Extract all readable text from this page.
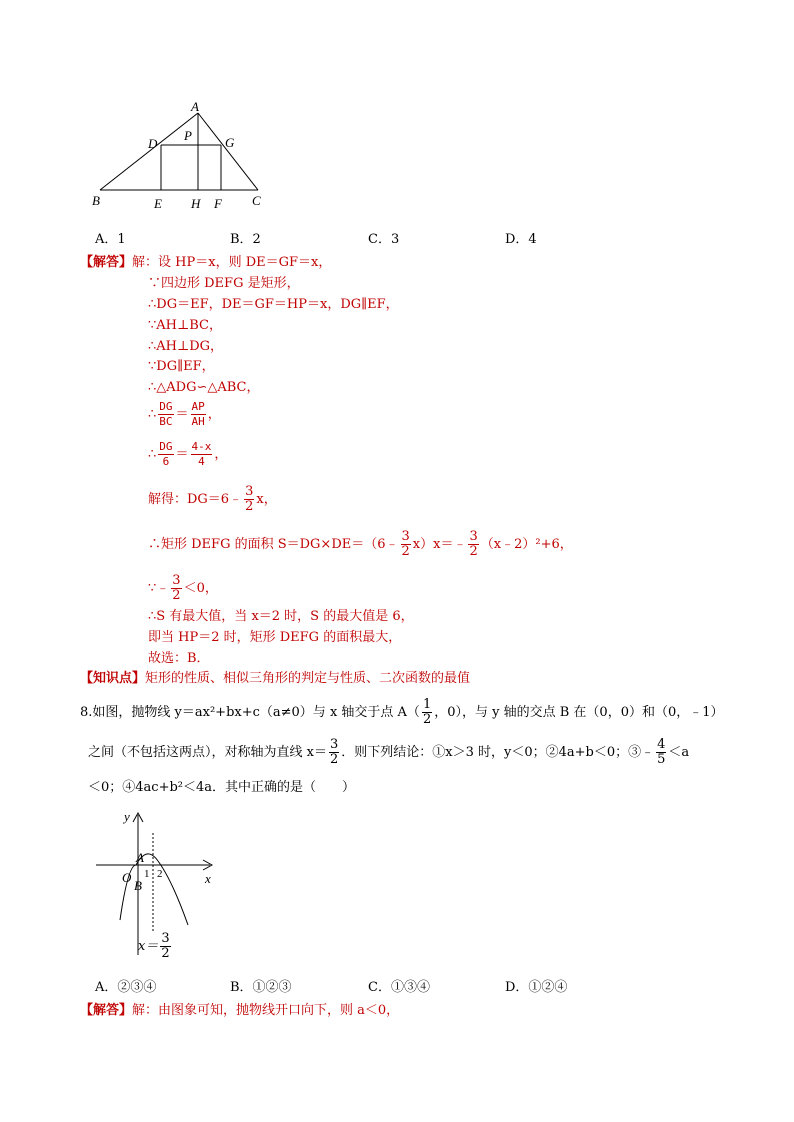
A
P
D	G
B	E H F C
A．1	B．2	C．3	D．4
【解答】解：设 HP＝x，则 DE＝GF＝x，
∵四边形 DEFG 是矩形，
∴DG＝EF，DE＝GF＝HP＝x，DG∥EF，
∵AH⊥BC，
∴AH⊥DG，
∵DG∥EF，
∴△ADG∽△ABC，
∴ $\frac{DG}{BC} = \frac{AP}{AH}$ ，
∴ $\frac{DG}{6} = \frac{4-x}{4}$ ，
解得：DG＝6﹣ $\frac{3}{2}$ x，
∴矩形 DEFG 的面积 S＝DG×DE＝（6﹣ $\frac{3}{2}$ x）x＝﹣ $\frac{3}{2}$ （x﹣2）²+6，
∵﹣ $\frac{3}{2} <0$，
∴S 有最大值，当 x＝2 时，S 的最大值是 6，
即当 HP＝2 时，矩形 DEFG 的面积最大，
故选：B．
【知识点】矩形的性质、相似三角形的判定与性质、二次函数的最值
8.如图，抛物线 y＝ax²+bx+c（a≠0）与 x 轴交于点 $A( \frac{1}{2}$ ，0），与 y 轴的交点 B 在（0，0）和（0，﹣1）
之间（不包括这两点），对称轴为直线 $x= \frac{3}{2}$ ．则下列结论：①x＞3 时，y＜0；②4a+b＜0；③﹣ $\frac{4}{5} <a$
＜0；④4ac+b²＜4a．其中正确的是（　　）
y
x
O
A
B
1 2
$x= \frac{3}{2}$
A．②③④	B．①②③	C．①③④	D．①②④
【解答】解：由图象可知，抛物线开口向下，则 a＜0，
